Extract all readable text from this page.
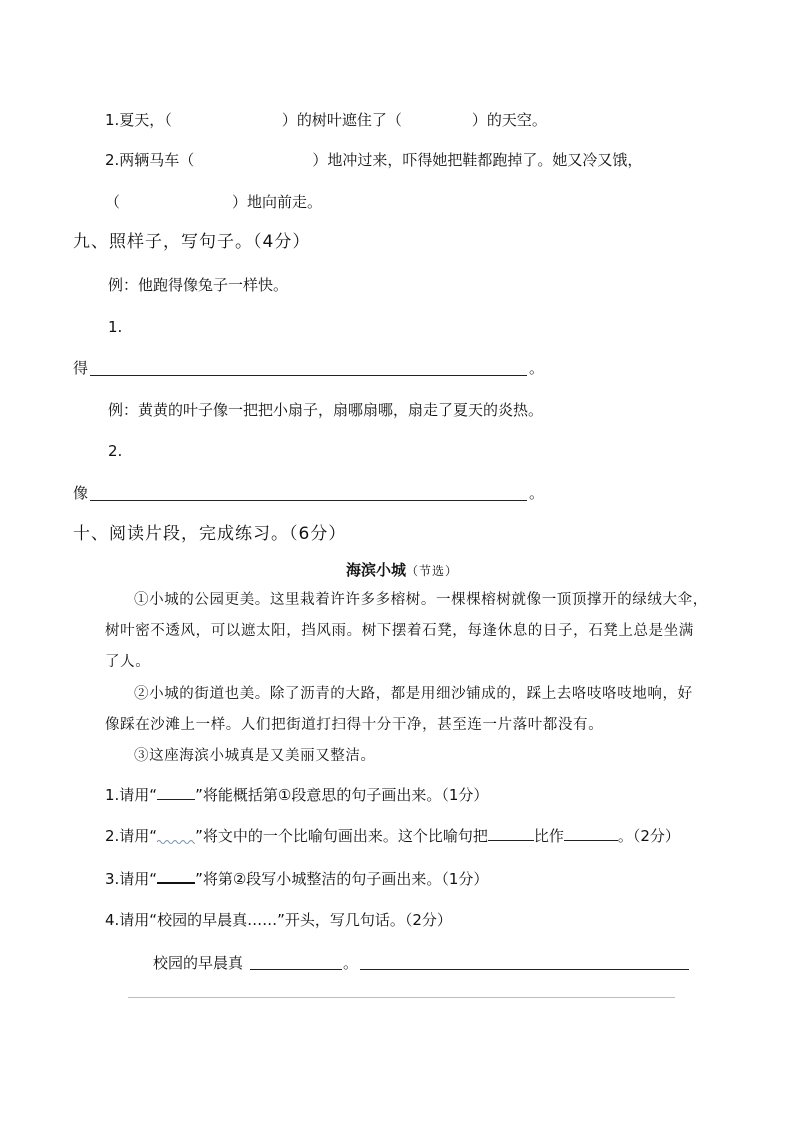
1.夏天，（	）的树叶遮住了（	）的天空。
2.两辆马车（	）地冲过来，吓得她把鞋都跑掉了。她又冷又饿，
（	）地向前走。
九、照样子，写句子。（4分）
例：他跑得像兔子一样快。
1.
得	。
例：黄黄的叶子像一把把小扇子，扇哪扇哪，扇走了夏天的炎热。
2.
像	。
十、阅读片段，完成练习。（6分）
海滨小城（节选）
①小城的公园更美。这里栽着许许多多榕树。一棵棵榕树就像一顶顶撑开的绿绒大伞，
树叶密不透风，可以遮太阳，挡风雨。树下摆着石凳，每逢休息的日子，石凳上总是坐满
了人。
②小城的街道也美。除了沥青的大路，都是用细沙铺成的，踩上去咯吱咯吱地响，好
像踩在沙滩上一样。人们把街道打扫得十分干净，甚至连一片落叶都没有。
③这座海滨小城真是又美丽又整洁。
1.请用“	”将能概括第①段意思的句子画出来。（1分）
2.请用“	”将文中的一个比喻句画出来。这个比喻句把	比作	。（2分）
3.请用“	”将第②段写小城整洁的句子画出来。（1分）
4.请用“校园的早晨真……”开头，写几句话。（2分）
校园的早晨真	。
